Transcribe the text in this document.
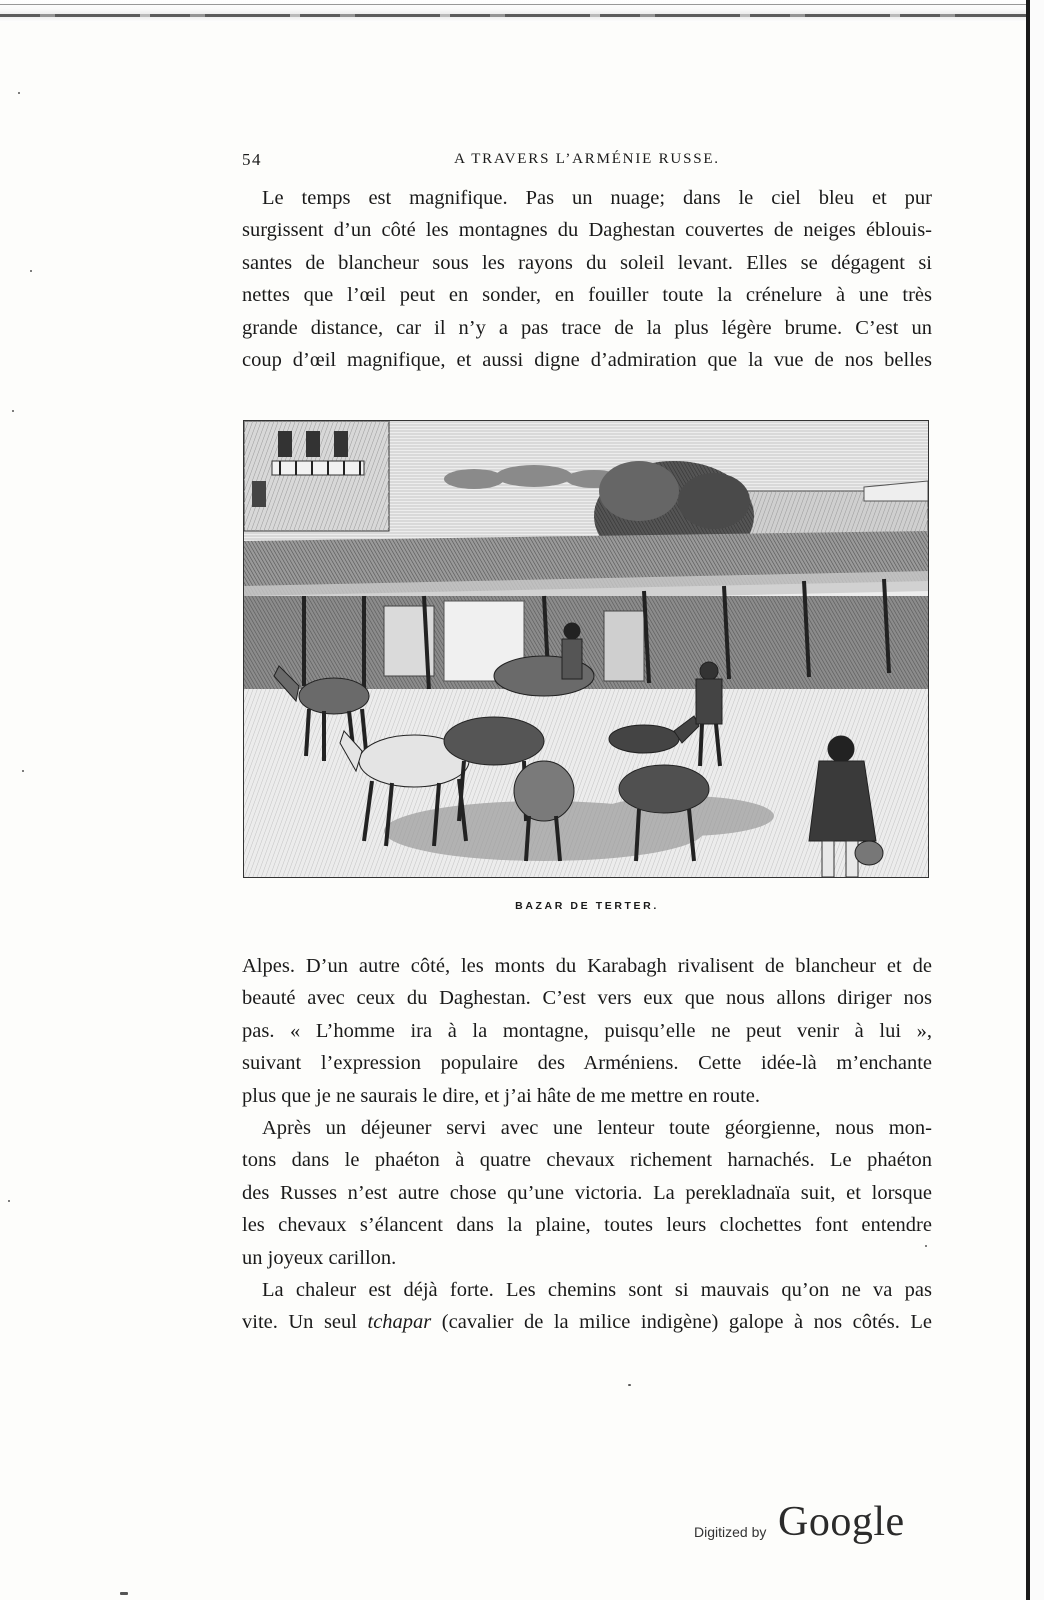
54	A TRAVERS L’ARMÉNIE RUSSE.
Le temps est magnifique. Pas un nuage; dans le ciel bleu et pur
surgissent d’un côté les montagnes du Daghestan couvertes de neiges éblouis-
santes de blancheur sous les rayons du soleil levant. Elles se dégagent si
nettes que l’œil peut en sonder, en fouiller toute la crénelure à une très
grande distance, car il n’y a pas trace de la plus légère brume. C’est un
coup d’œil magnifique, et aussi digne d’admiration que la vue de nos belles
BAZAR DE TERTER.
Alpes. D’un autre côté, les monts du Karabagh rivalisent de blancheur et de
beauté avec ceux du Daghestan. C’est vers eux que nous allons diriger nos
pas. « L’homme ira à la montagne, puisqu’elle ne peut venir à lui »,
suivant l’expression populaire des Arméniens. Cette idée-là m’enchante
plus que je ne saurais le dire, et j’ai hâte de me mettre en route.
Après un déjeuner servi avec une lenteur toute géorgienne, nous mon-
tons dans le phaéton à quatre chevaux richement harnachés. Le phaéton
des Russes n’est autre chose qu’une victoria. La perekladnaïa suit, et lorsque
les chevaux s’élancent dans la plaine, toutes leurs clochettes font entendre
un joyeux carillon.
La chaleur est déjà forte. Les chemins sont si mauvais qu’on ne va pas
vite. Un seul tchapar (cavalier de la milice indigène) galope à nos côtés. Le
Digitized by Google
